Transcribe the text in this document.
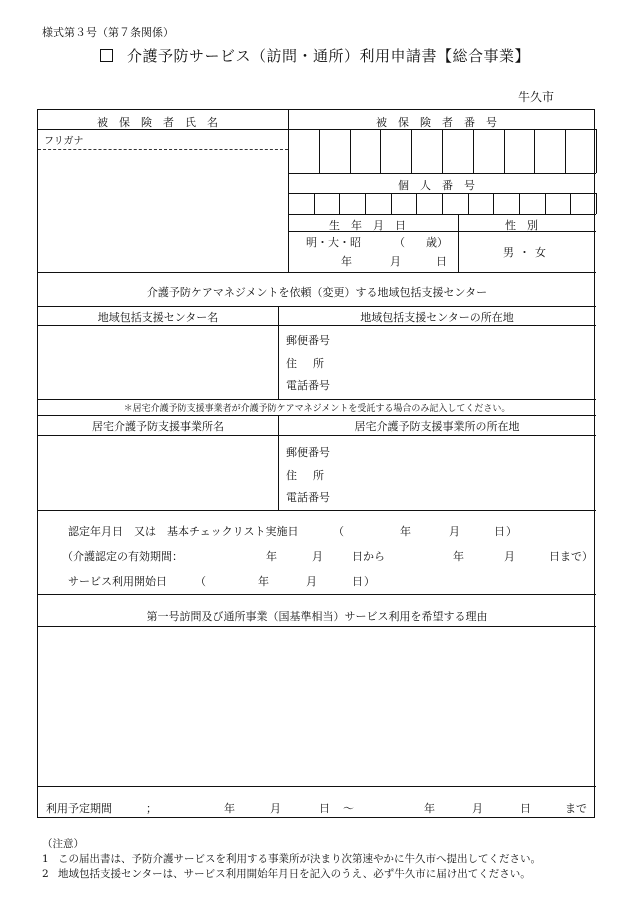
様式第３号（第７条関係）
介護予防サービス（訪問・通所）利用申請書【総合事業】
牛久市
被保険者氏名
フリガナ
被保険者番号
個人番号
生年月日	性別
明・大・昭	（ 歳）
年	月	日
男・女
介護予防ケアマネジメントを依頼（変更）する地域包括支援センター
地域包括支援センター名	地域包括支援センターの所在地
郵便番号
住所
電話番号
＊居宅介護予防支援事業者が介護予防ケアマネジメントを受託する場合のみ記入してください。
居宅介護予防支援事業所名	居宅介護予防支援事業所の所在地
郵便番号
住所
電話番号
認定年月日　又は　基本チェックリスト実施日	（	年	月	日 ）
（介護認定の有効期間：	年	月	日から	年	月	日まで）
サービス利用開始日	（	年	月	日 ）
第一号訪問及び通所事業（国基準相当）サービス利用を希望する理由
利用予定期間	；	年	月	日 ～	年	月	日	まで
（注意）
1 この届出書は、予防介護サービスを利用する事業所が決まり次第速やかに牛久市へ提出してください。
2 地域包括支援センターは、サービス利用開始年月日を記入のうえ、必ず牛久市に届け出てください。
